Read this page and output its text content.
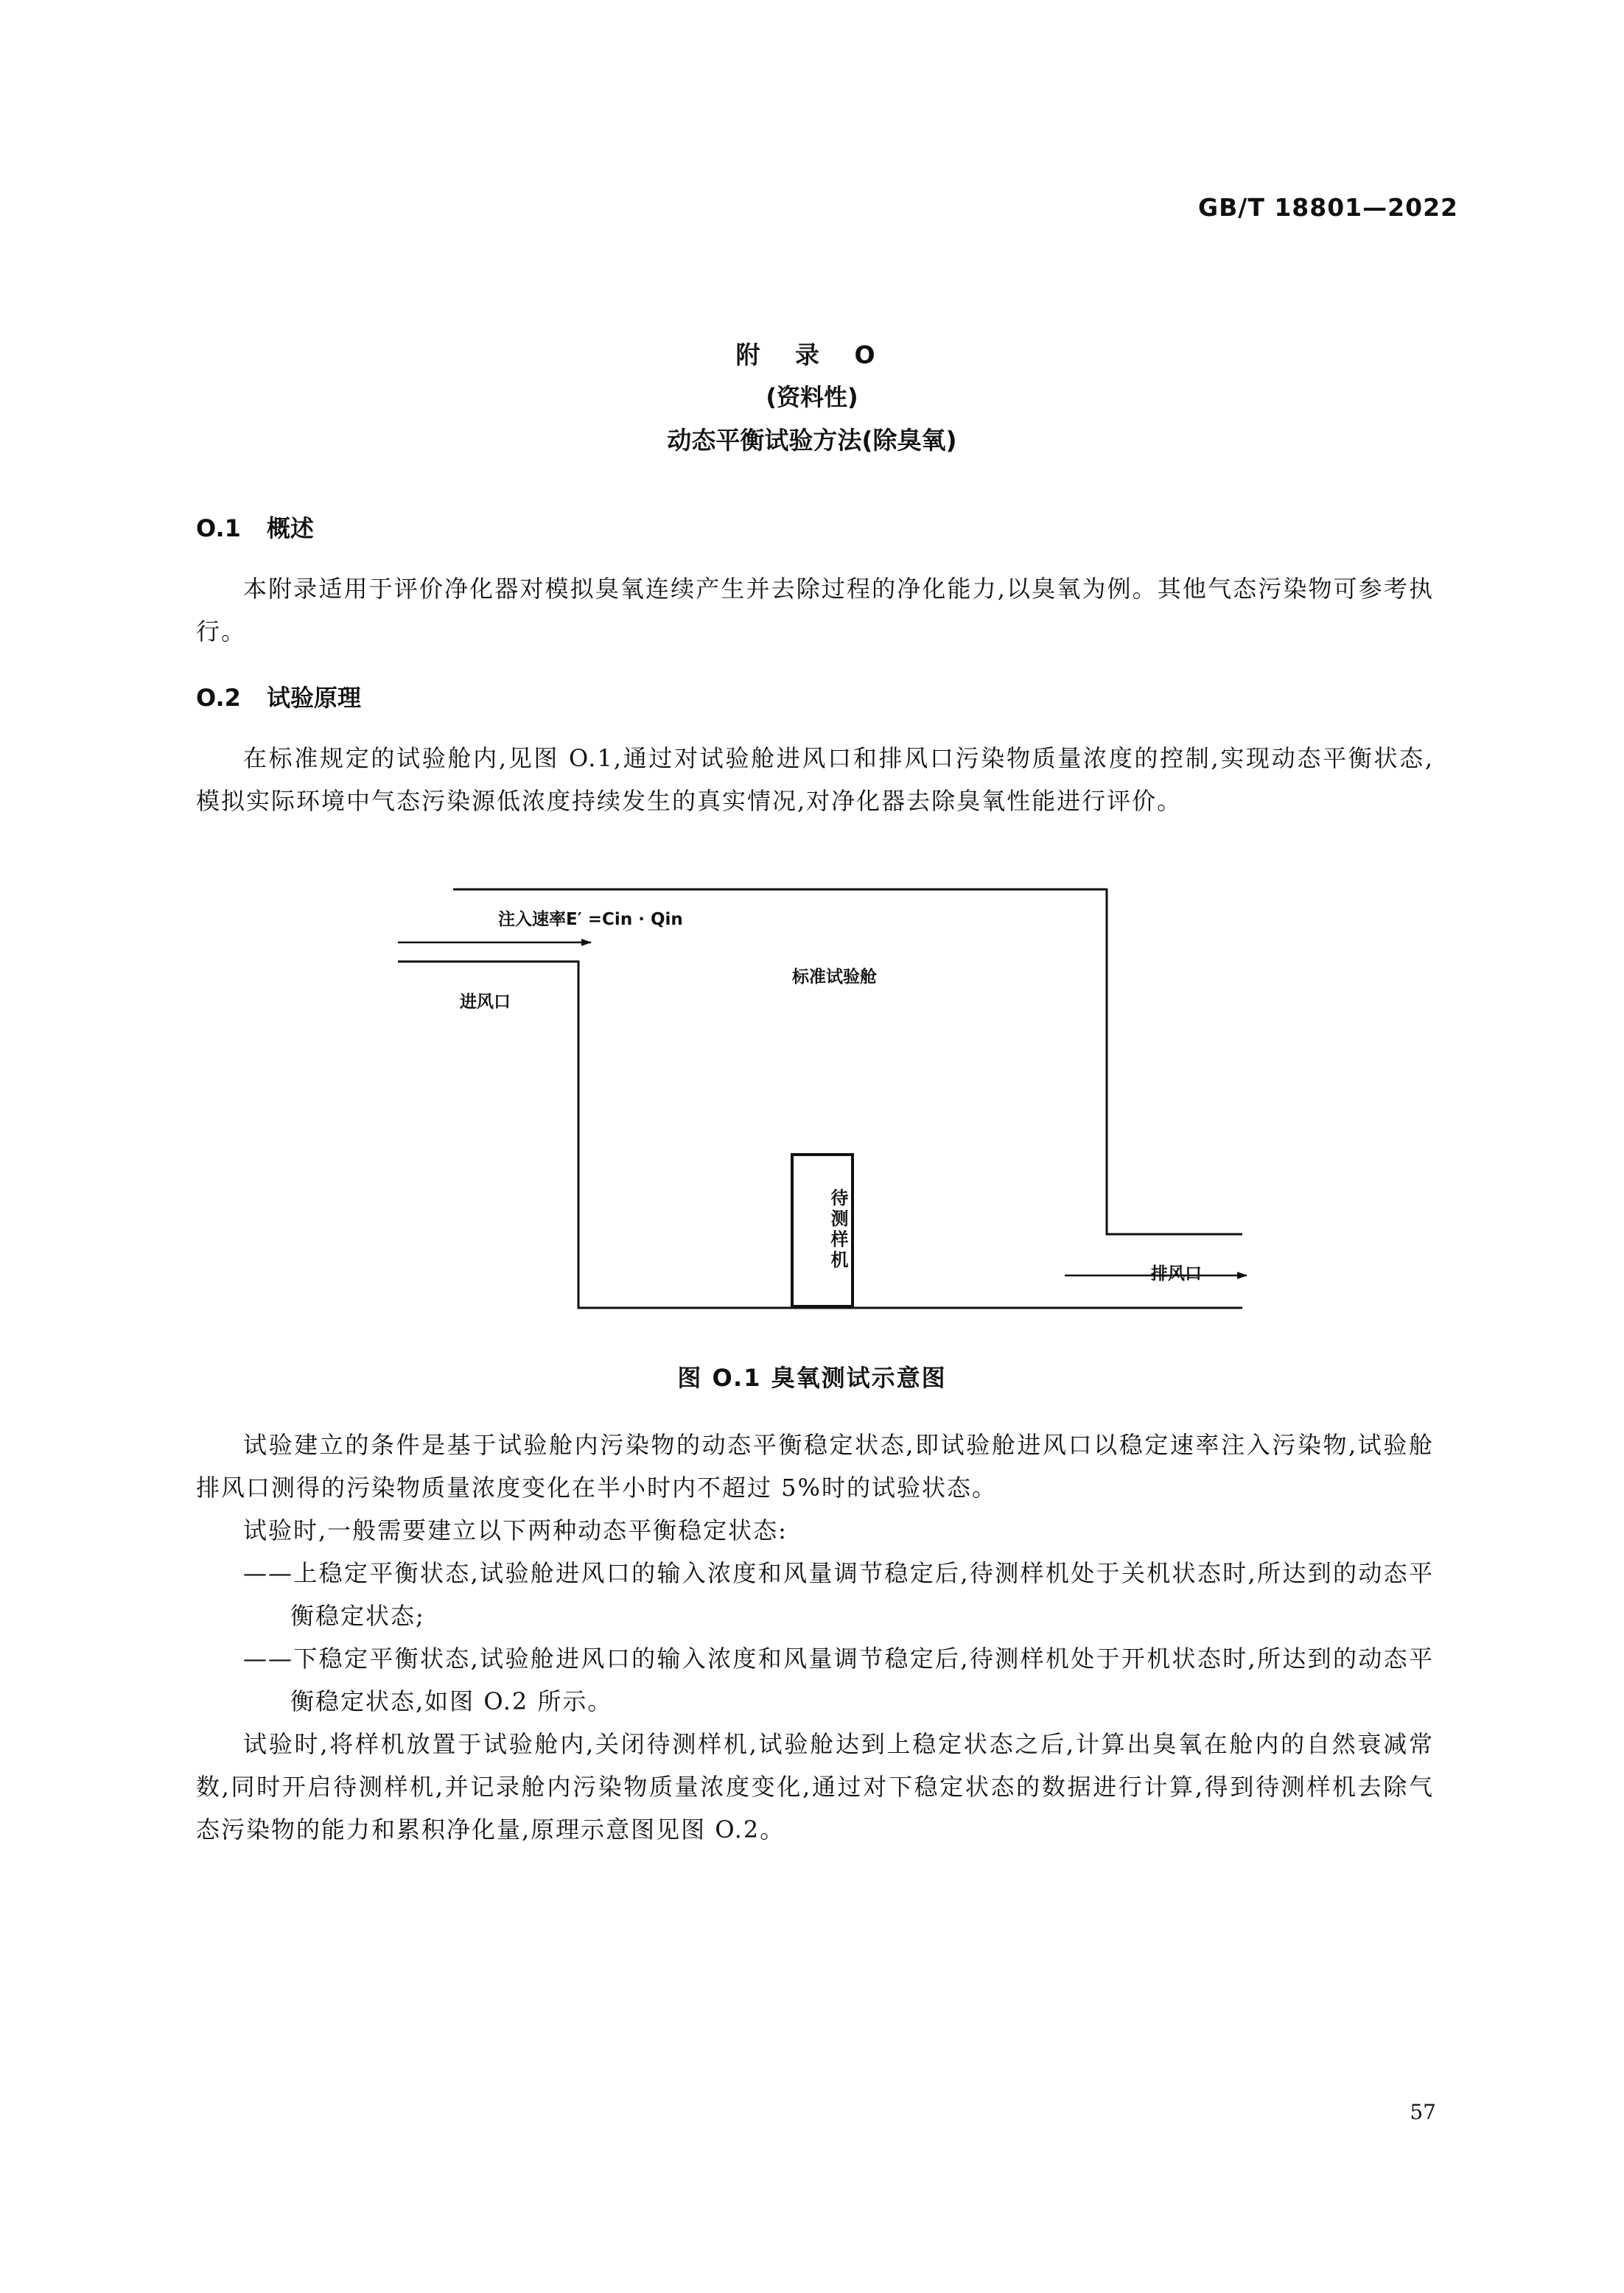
GB/T 18801—2022
附 录 O
(资料性)
动态平衡试验方法(除臭氧)
O.1 概述

本附录适用于评价净化器对模拟臭氧连续产生并去除过程的净化能力,以臭氧为例。其他气态污染物可参考执行。

O.2 试验原理

在标准规定的试验舱内,见图 O.1,通过对试验舱进风口和排风口污染物质量浓度的控制,实现动态平衡状态,模拟实际环境中气态污染源低浓度持续发生的真实情况,对净化器去除臭氧性能进行评价。

注入速率E′ =Cin · Qin
标准试验舱
进风口
待测样机
排风口
图 O.1 臭氧测试示意图

试验建立的条件是基于试验舱内污染物的动态平衡稳定状态,即试验舱进风口以稳定速率注入污染物,试验舱排风口测得的污染物质量浓度变化在半小时内不超过 5%时的试验状态。

试验时,一般需要建立以下两种动态平衡稳定状态:

——上稳定平衡状态,试验舱进风口的输入浓度和风量调节稳定后,待测样机处于关机状态时,所达到的动态平衡稳定状态;

——下稳定平衡状态,试验舱进风口的输入浓度和风量调节稳定后,待测样机处于开机状态时,所达到的动态平衡稳定状态,如图 O.2 所示。

试验时,将样机放置于试验舱内,关闭待测样机,试验舱达到上稳定状态之后,计算出臭氧在舱内的自然衰减常数,同时开启待测样机,并记录舱内污染物质量浓度变化,通过对下稳定状态的数据进行计算,得到待测样机去除气态污染物的能力和累积净化量,原理示意图见图 O.2。

57
